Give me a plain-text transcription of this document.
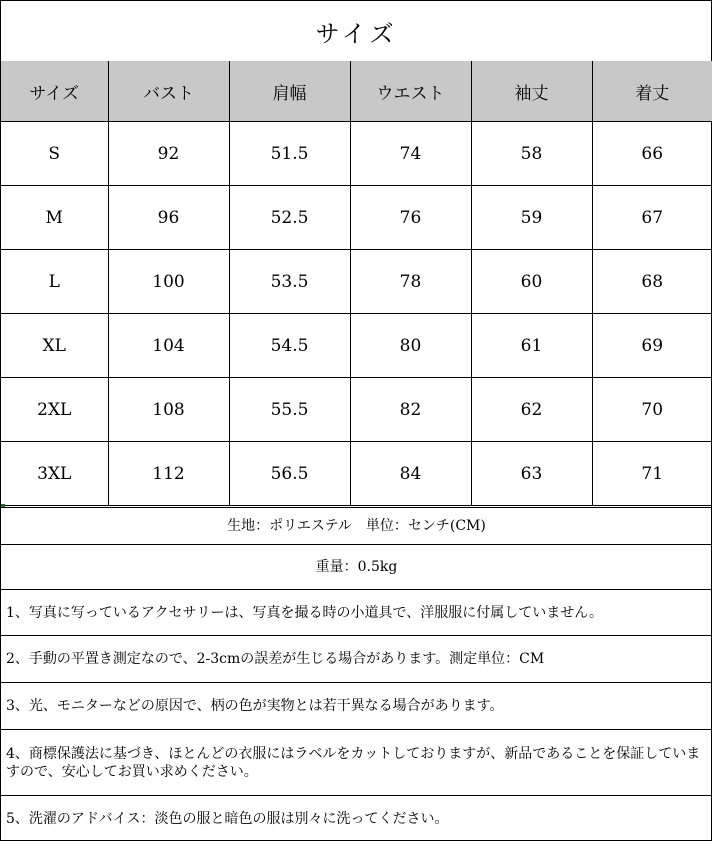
サイズ
サイズ	バスト	肩幅	ウエスト	袖丈	着丈
S	92	51.5	74	58	66
M	96	52.5	76	59	67
L	100	53.5	78	60	68
XL	104	54.5	80	61	69
2XL	108	55.5	82	62	70
3XL	112	56.5	84	63	71
生地：ポリエステル　単位：センチ(CM)
重量：0.5kg
1、写真に写っているアクセサリーは、写真を撮る時の小道具で、洋服服に付属していません。
2、手動の平置き測定なので、2-3cmの誤差が生じる場合があります。測定単位：CM
3、光、モニターなどの原因で、柄の色が実物とは若干異なる場合があります。
4、商標保護法に基づき、ほとんどの衣服にはラベルをカットしておりますが、新品であることを保証していますので、安心してお買い求めください。
5、洗濯のアドバイス：淡色の服と暗色の服は別々に洗ってください。
